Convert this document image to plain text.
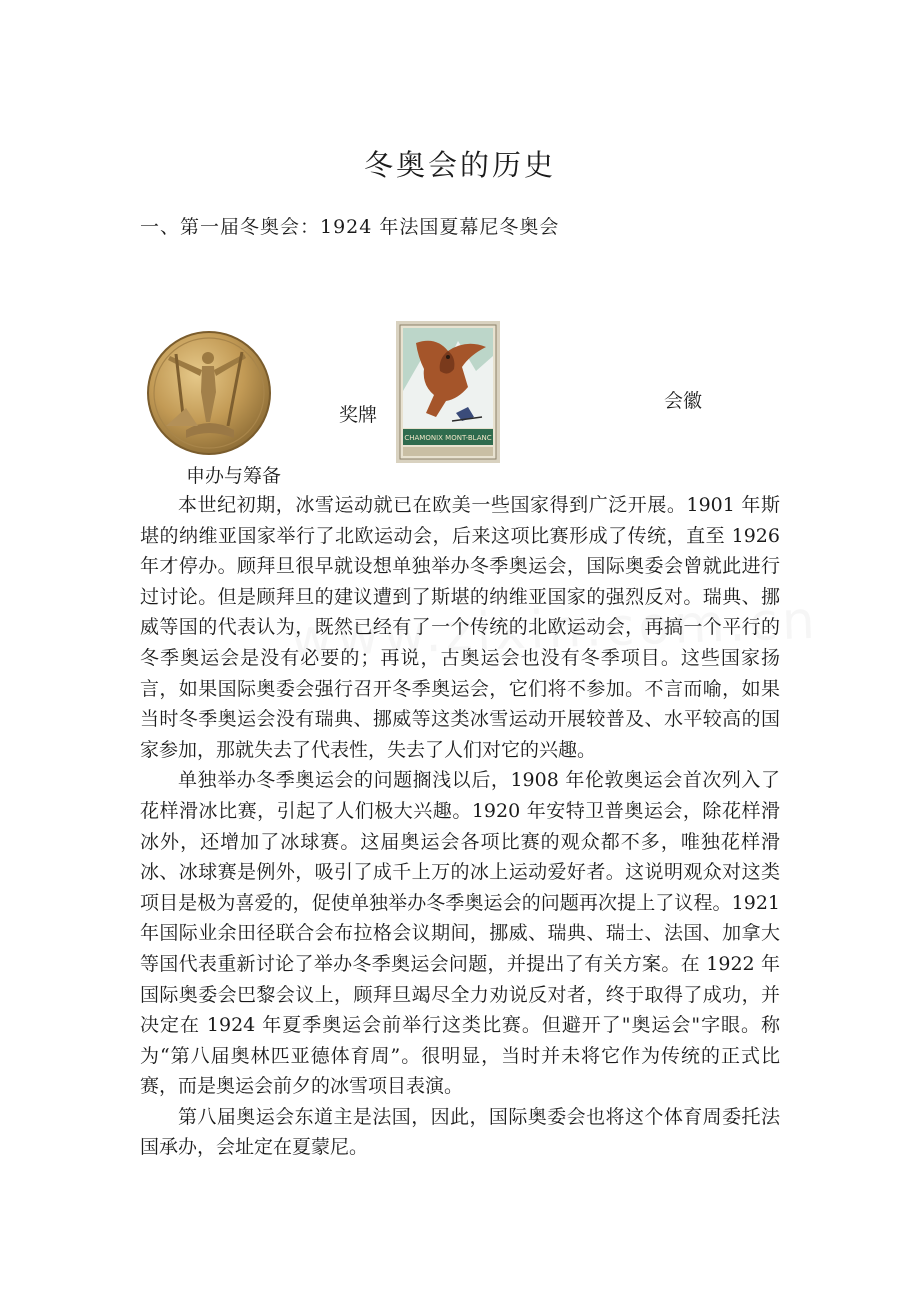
冬奥会的历史
一、第一届冬奥会：1924 年法国夏幕尼冬奥会
奖牌
CHAMONIX MONT-BLANC
会徽
申办与筹备

本世纪初期，冰雪运动就已在欧美一些国家得到广泛开展。1901 年斯堪的纳维亚国家举行了北欧运动会，后来这项比赛形成了传统，直至 1926 年才停办。顾拜旦很早就设想单独举办冬季奥运会，国际奥委会曾就此进行过讨论。但是顾拜旦的建议遭到了斯堪的纳维亚国家的强烈反对。瑞典、挪威等国的代表认为，既然已经有了一个传统的北欧运动会，再搞一个平行的冬季奥运会是没有必要的；再说，古奥运会也没有冬季项目。这些国家扬言，如果国际奥委会强行召开冬季奥运会，它们将不参加。不言而喻，如果当时冬季奥运会没有瑞典、挪威等这类冰雪运动开展较普及、水平较高的国家参加，那就失去了代表性，失去了人们对它的兴趣。

单独举办冬季奥运会的问题搁浅以后，1908 年伦敦奥运会首次列入了花样滑冰比赛，引起了人们极大兴趣。1920 年安特卫普奥运会，除花样滑冰外，还增加了冰球赛。这届奥运会各项比赛的观众都不多，唯独花样滑冰、冰球赛是例外，吸引了成千上万的冰上运动爱好者。这说明观众对这类项目是极为喜爱的，促使单独举办冬季奥运会的问题再次提上了议程。1921 年国际业余田径联合会布拉格会议期间，挪威、瑞典、瑞士、法国、加拿大等国代表重新讨论了举办冬季奥运会问题，并提出了有关方案。在 1922 年国际奥委会巴黎会议上，顾拜旦竭尽全力劝说反对者，终于取得了成功，并决定在 1924 年夏季奥运会前举行这类比赛。但避开了"奥运会"字眼。称为“第八届奥林匹亚德体育周”。很明显，当时并未将它作为传统的正式比赛，而是奥运会前夕的冰雪项目表演。

第八届奥运会东道主是法国，因此，国际奥委会也将这个体育周委托法国承办，会址定在夏蒙尼。
